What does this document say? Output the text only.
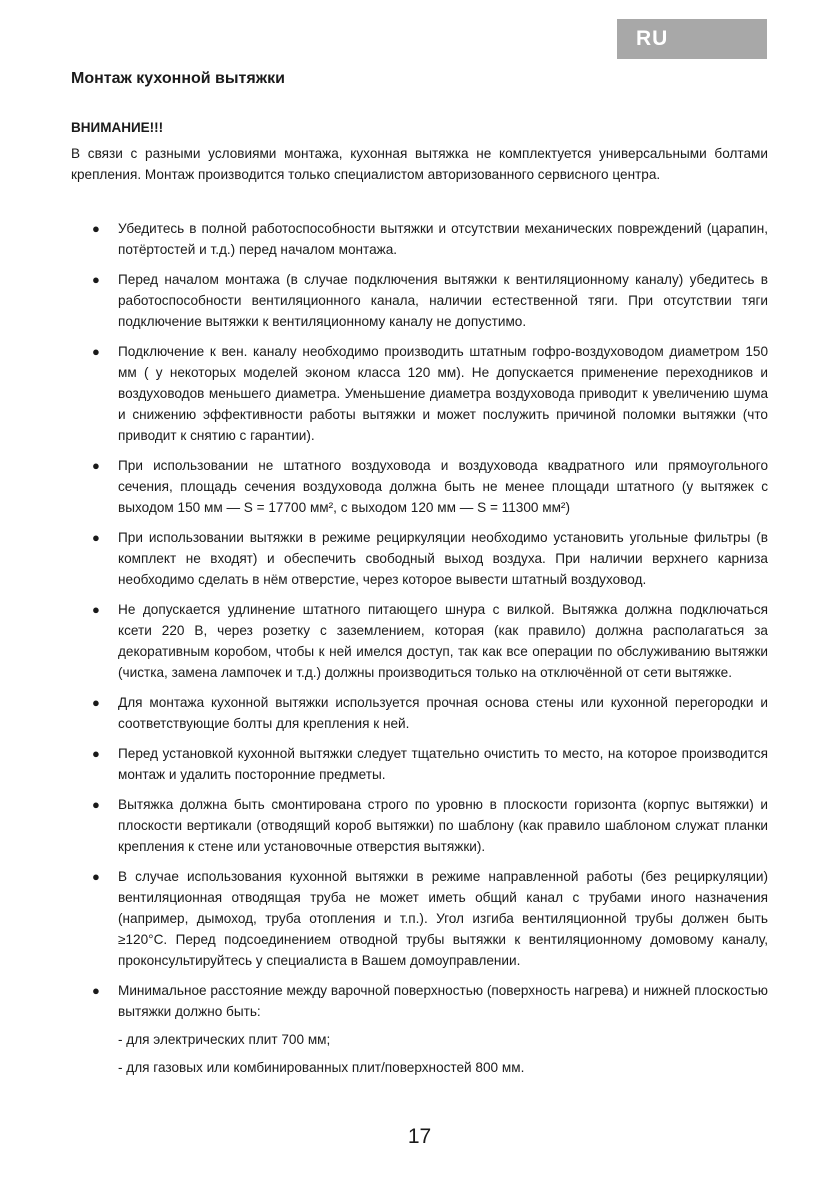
RU
Монтаж кухонной вытяжки
ВНИМАНИЕ!!!
В связи с разными условиями монтажа, кухонная вытяжка не комплектуется универсальными болтами крепления. Монтаж производится только специалистом авторизованного сервисного центра.
● Убедитесь в полной работоспособности вытяжки и отсутствии механических повреждений (царапин, потёртостей и т.д.) перед началом монтажа.
● Перед началом монтажа (в случае подключения вытяжки к вентиляционному каналу) убедитесь в работоспособности вентиляционного канала, наличии естественной тяги. При отсутствии тяги подключение вытяжки к вентиляционному каналу не допустимо.
● Подключение к вен. каналу необходимо производить штатным гофро-воздуховодом диаметром 150 мм ( у некоторых моделей эконом класса 120 мм). Не допускается применение переходников и воздуховодов меньшего диаметра. Уменьшение диаметра воздуховода приводит к увеличению шума и снижению эффективности работы вытяжки и может послужить причиной поломки вытяжки (что приводит к снятию с гарантии).
● При использовании не штатного воздуховода и воздуховода квадратного или прямоугольного сечения, площадь сечения воздуховода должна быть не менее площади штатного (у вытяжек с выходом 150 мм — S = 17700 мм², с выходом 120 мм — S = 11300 мм²)
● При использовании вытяжки в режиме рециркуляции необходимо установить угольные фильтры (в комплект не входят) и обеспечить свободный выход воздуха. При наличии верхнего карниза необходимо сделать в нём отверстие, через которое вывести штатный воздуховод.
● Не допускается удлинение штатного питающего шнура с вилкой. Вытяжка должна подключаться ксети 220 В, через розетку с заземлением, которая (как правило) должна располагаться за декоративным коробом, чтобы к ней имелся доступ, так как все операции по обслуживанию вытяжки (чистка, замена лампочек и т.д.) должны производиться только на отключённой от сети вытяжке.
● Для монтажа кухонной вытяжки используется прочная основа стены или кухонной перегородки и соответствующие болты для крепления к ней.
● Перед установкой кухонной вытяжки следует тщательно очистить то место, на которое производится монтаж и удалить посторонние предметы.
● Вытяжка должна быть смонтирована строго по уровню в плоскости горизонта (корпус вытяжки) и плоскости вертикали (отводящий короб вытяжки) по шаблону (как правило шаблоном служат планки крепления к стене или установочные отверстия вытяжки).
● В случае использования кухонной вытяжки в режиме направленной работы (без рециркуляции) вентиляционная отводящая труба не может иметь общий канал с трубами иного назначения (например, дымоход, труба отопления и т.п.). Угол изгиба вентиляционной трубы должен быть ≥120°С. Перед подсоединением отводной трубы вытяжки к вентиляционному домовому каналу, проконсультируйтесь у специалиста в Вашем домоуправлении.
● Минимальное расстояние между варочной поверхностью (поверхность нагрева) и нижней плоскостью вытяжки должно быть:
- для электрических плит 700 мм;
- для газовых или комбинированных плит/поверхностей 800 мм.
17
